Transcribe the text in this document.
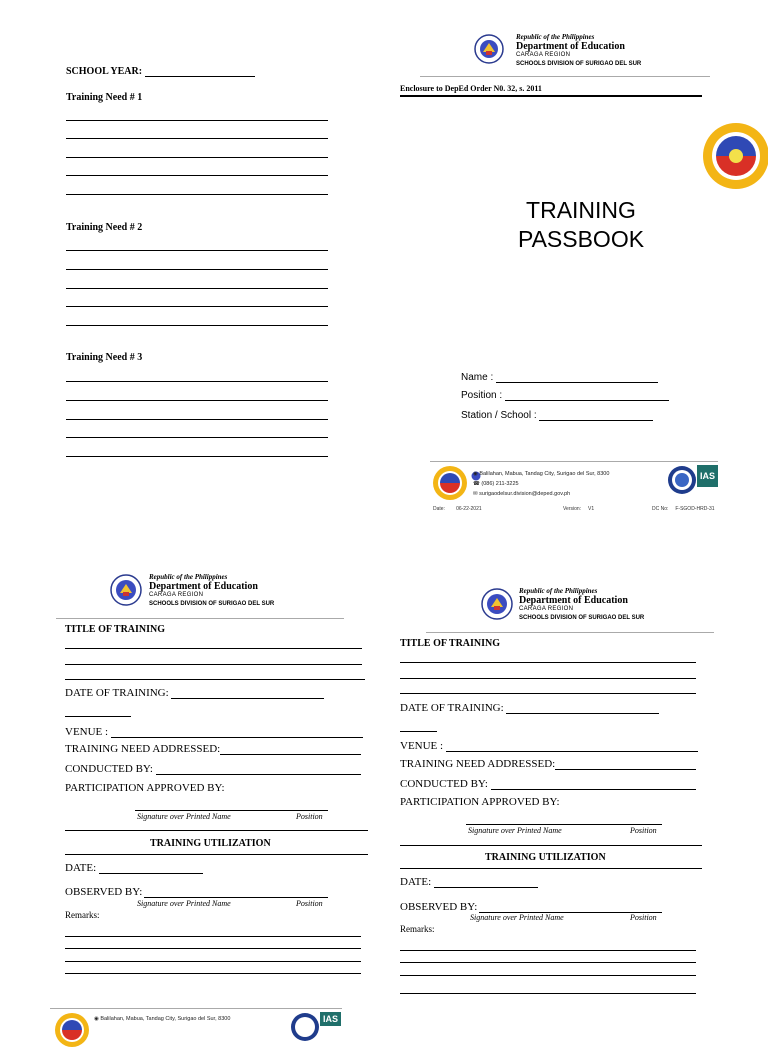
SCHOOL YEAR:
Training Need # 1
Training Need # 2
Training Need # 3
Republic of the Philippines
Department of Education
CARAGA REGION
SCHOOLS DIVISION OF SURIGAO DEL SUR
Enclosure to DepEd Order N0. 32, s. 2011
TRAINING
PASSBOOK
Name :
Position :
Station / School :
◉ Balilahan, Mabua, Tandag City, Surigao del Sur, 8300
☎ (086) 211-3225
✉ surigaodelsur.division@deped.gov.ph
IAS
Date: 06-22-2021	Version: V1	DC No: F-SGOD-HRD-31
Republic of the Philippines
Department of Education
CARAGA REGION
SCHOOLS DIVISION OF SURIGAO DEL SUR
TITLE OF TRAINING
DATE OF TRAINING:
VENUE :
TRAINING NEED ADDRESSED:
CONDUCTED BY:
PARTICIPATION APPROVED BY:
Signature over Printed Name	Position
TRAINING UTILIZATION
DATE:
OBSERVED BY:
Signature over Printed Name	Position
Remarks:
◉ Balilahan, Mabua, Tandag City, Surigao del Sur, 8300	IAS
Republic of the Philippines
Department of Education
CARAGA REGION
SCHOOLS DIVISION OF SURIGAO DEL SUR
TITLE OF TRAINING
DATE OF TRAINING:
VENUE :
TRAINING NEED ADDRESSED:
CONDUCTED BY:
PARTICIPATION APPROVED BY:
Signature over Printed Name	Position
TRAINING UTILIZATION
DATE:
OBSERVED BY:
Signature over Printed Name	Position
Remarks:
